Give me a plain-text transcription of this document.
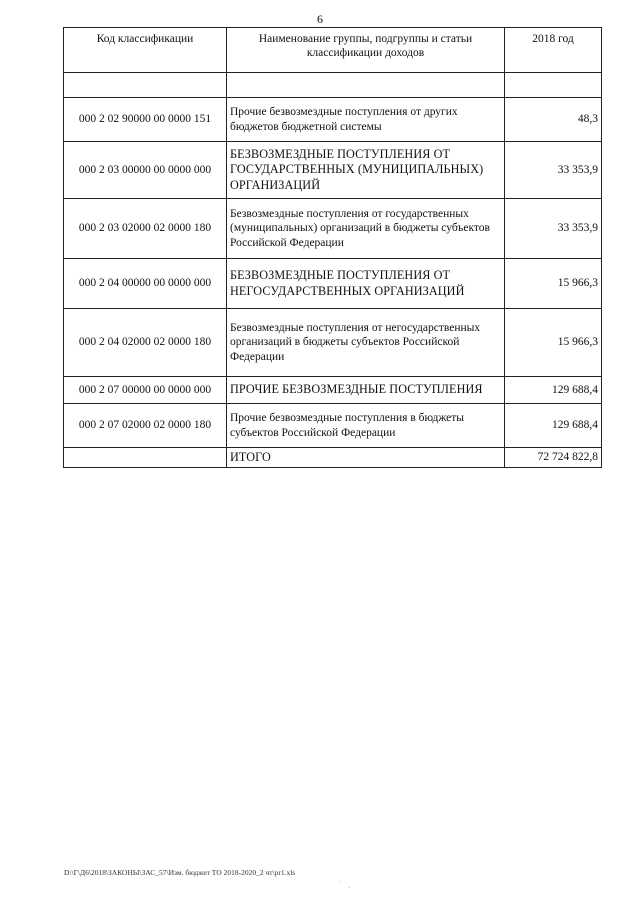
6
Код классификации	Наименование группы, подгруппы и статьи классификации доходов	2018 год

000 2 02 90000 00 0000 151	Прочие безвозмездные поступления от других бюджетов бюджетной системы	48,3
000 2 03 00000 00 0000 000	БЕЗВОЗМЕЗДНЫЕ ПОСТУПЛЕНИЯ ОТ ГОСУДАРСТВЕННЫХ (МУНИЦИПАЛЬНЫХ) ОРГАНИЗАЦИЙ	33 353,9
000 2 03 02000 02 0000 180	Безвозмездные поступления от государственных (муниципальных) организаций в бюджеты субъектов Российской Федерации	33 353,9
000 2 04 00000 00 0000 000	БЕЗВОЗМЕЗДНЫЕ ПОСТУПЛЕНИЯ ОТ НЕГОСУДАРСТВЕННЫХ ОРГАНИЗАЦИЙ	15 966,3
000 2 04 02000 02 0000 180	Безвозмездные поступления от негосударственных организаций в бюджеты субъектов Российской Федерации	15 966,3
000 2 07 00000 00 0000 000	ПРОЧИЕ БЕЗВОЗМЕЗДНЫЕ ПОСТУПЛЕНИЯ	129 688,4
000 2 07 02000 02 0000 180	Прочие безвозмездные поступления в бюджеты субъектов Российской Федерации	129 688,4
	ИТОГО	72 724 822,8
D:\Г\Д6\2018\ЗАКОНЫ\ЗАС_57\Изм. бюджет ТО 2018-2020_2 чт\pr1.xls
·
·
